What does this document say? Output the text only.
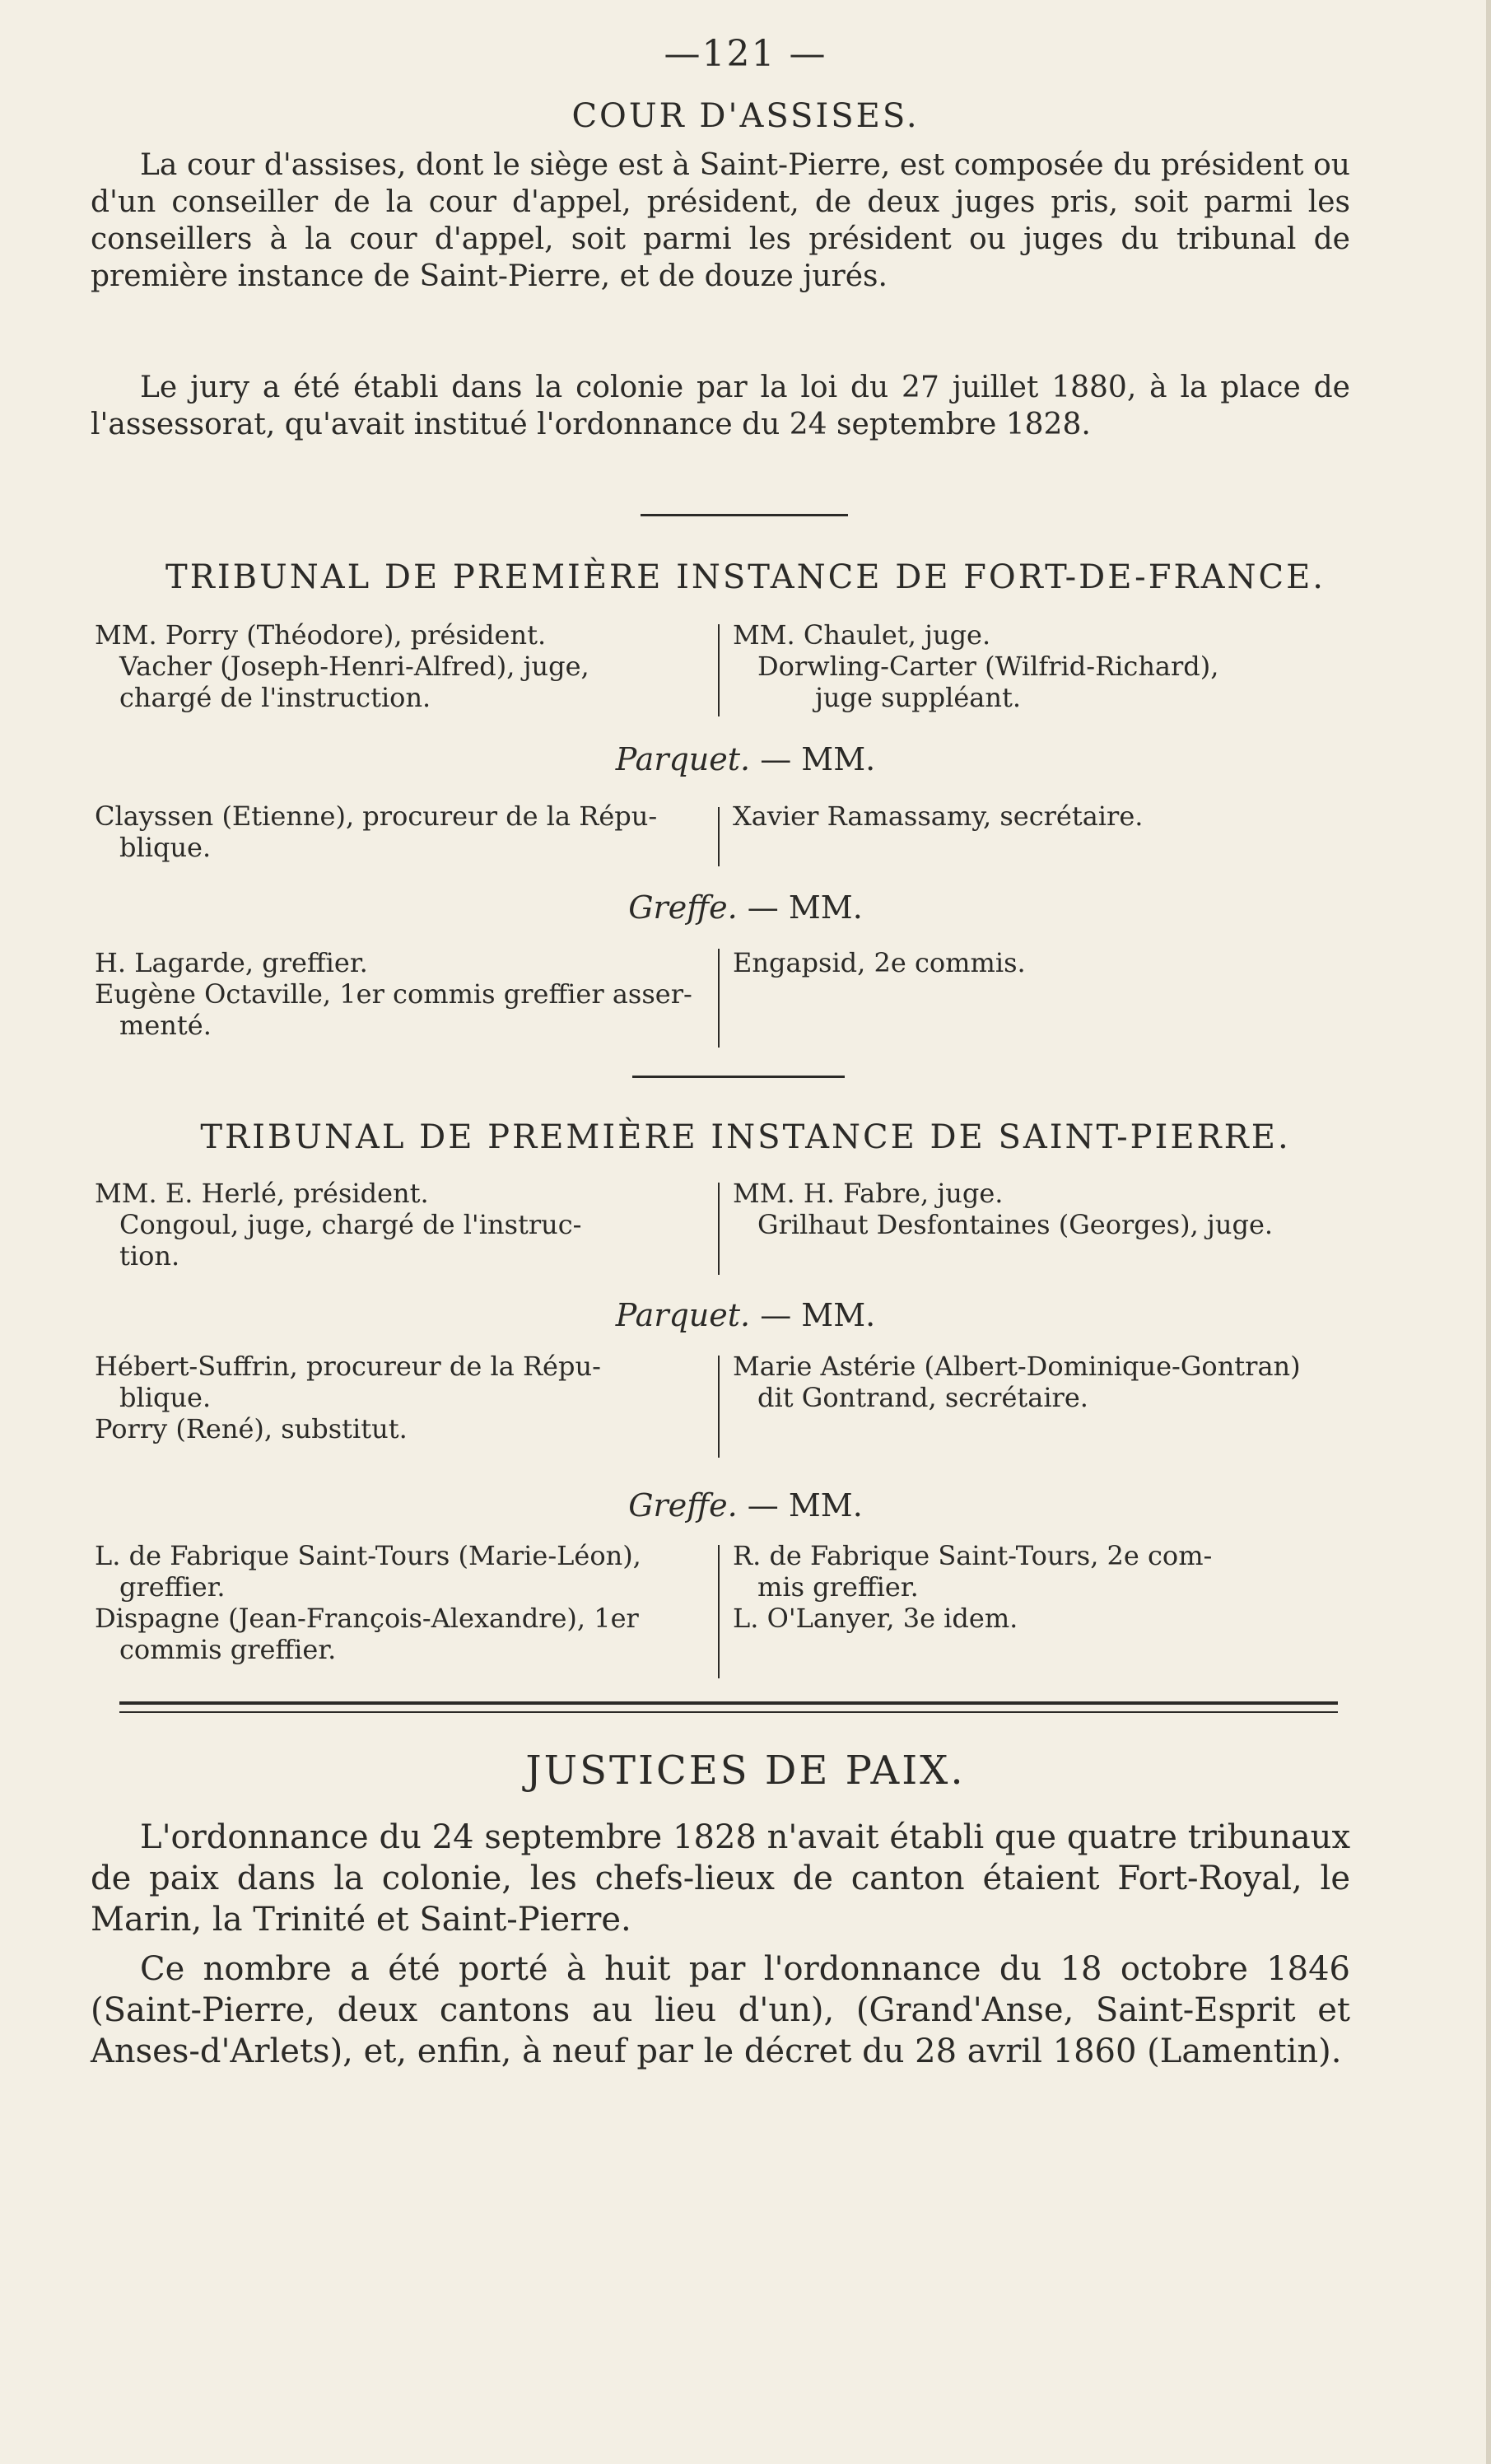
—121 —
COUR D'ASSISES.
La cour d'assises, dont le siège est à Saint-Pierre, est composée du président ou d'un conseiller de la cour d'appel, président, de deux juges pris, soit parmi les conseillers à la cour d'appel, soit parmi les président ou juges du tribunal de première instance de Saint-Pierre, et de douze jurés.
Le jury a été établi dans la colonie par la loi du 27 juillet 1880, à la place de l'assessorat, qu'avait institué l'ordonnance du 24 septembre 1828.
TRIBUNAL DE PREMIÈRE INSTANCE DE FORT-DE-FRANCE.

MM. Porry (Théodore), président.

Vacher (Joseph-Henri-Alfred), juge,

chargé de l'instruction.

MM. Chaulet, juge.

Dorwling-Carter (Wilfrid-Richard),

juge suppléant.

Parquet. — MM.

Clayssen (Etienne), procureur de la Répu-

blique.

Xavier Ramassamy, secrétaire.

Greffe. — MM.

H. Lagarde, greffier.

Eugène Octaville, 1er commis greffier asser-

menté.

Engapsid, 2e commis.

TRIBUNAL DE PREMIÈRE INSTANCE DE SAINT-PIERRE.

MM. E. Herlé, président.

Congoul, juge, chargé de l'instruc-

tion.

MM. H. Fabre, juge.

Grilhaut Desfontaines (Georges), juge.

Parquet. — MM.

Hébert-Suffrin, procureur de la Répu-

blique.

Porry (René), substitut.

Marie Astérie (Albert-Dominique-Gontran)

dit Gontrand, secrétaire.

Greffe. — MM.

L. de Fabrique Saint-Tours (Marie-Léon),

greffier.

Dispagne (Jean-François-Alexandre), 1er

commis greffier.

R. de Fabrique Saint-Tours, 2e com-

mis greffier.

L. O'Lanyer, 3e idem.

JUSTICES DE PAIX.
L'ordonnance du 24 septembre 1828 n'avait établi que quatre tribunaux de paix dans la colonie, les chefs-lieux de canton étaient Fort-Royal, le Marin, la Trinité et Saint-Pierre.
Ce nombre a été porté à huit par l'ordonnance du 18 octobre 1846 (Saint-Pierre, deux cantons au lieu d'un), (Grand'Anse, Saint-Esprit et Anses-d'Arlets), et, enfin, à neuf par le décret du 28 avril 1860 (Lamentin).
